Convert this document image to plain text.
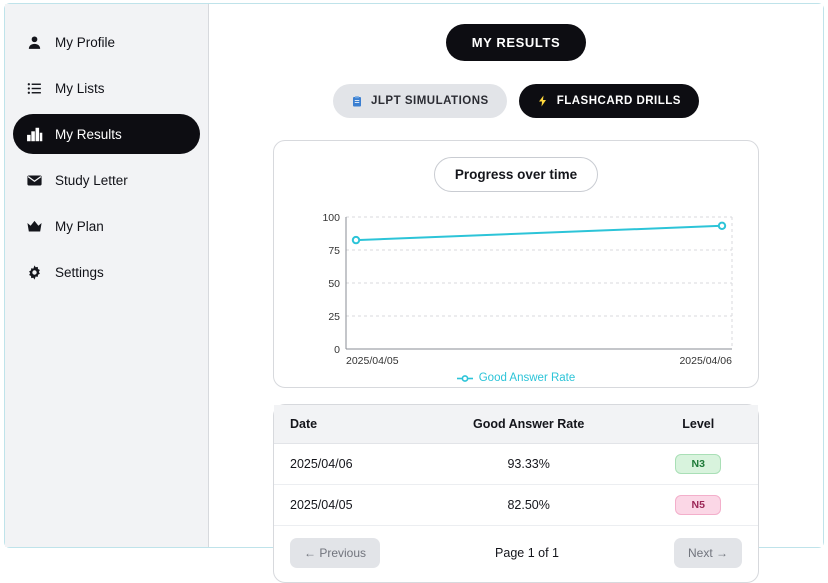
My Profile
My Lists
My Results
Study Letter
My Plan
Settings
MY RESULTS
JLPT SIMULATIONS	FLASHCARD DRILLS
Progress over time
100
75
50
25
0
2025/04/05	2025/04/06
Good Answer Rate
Date	Good Answer Rate	Level
2025/04/06	93.33%	N3
2025/04/05	82.50%	N5
← Previous	Page 1 of 1	Next →
